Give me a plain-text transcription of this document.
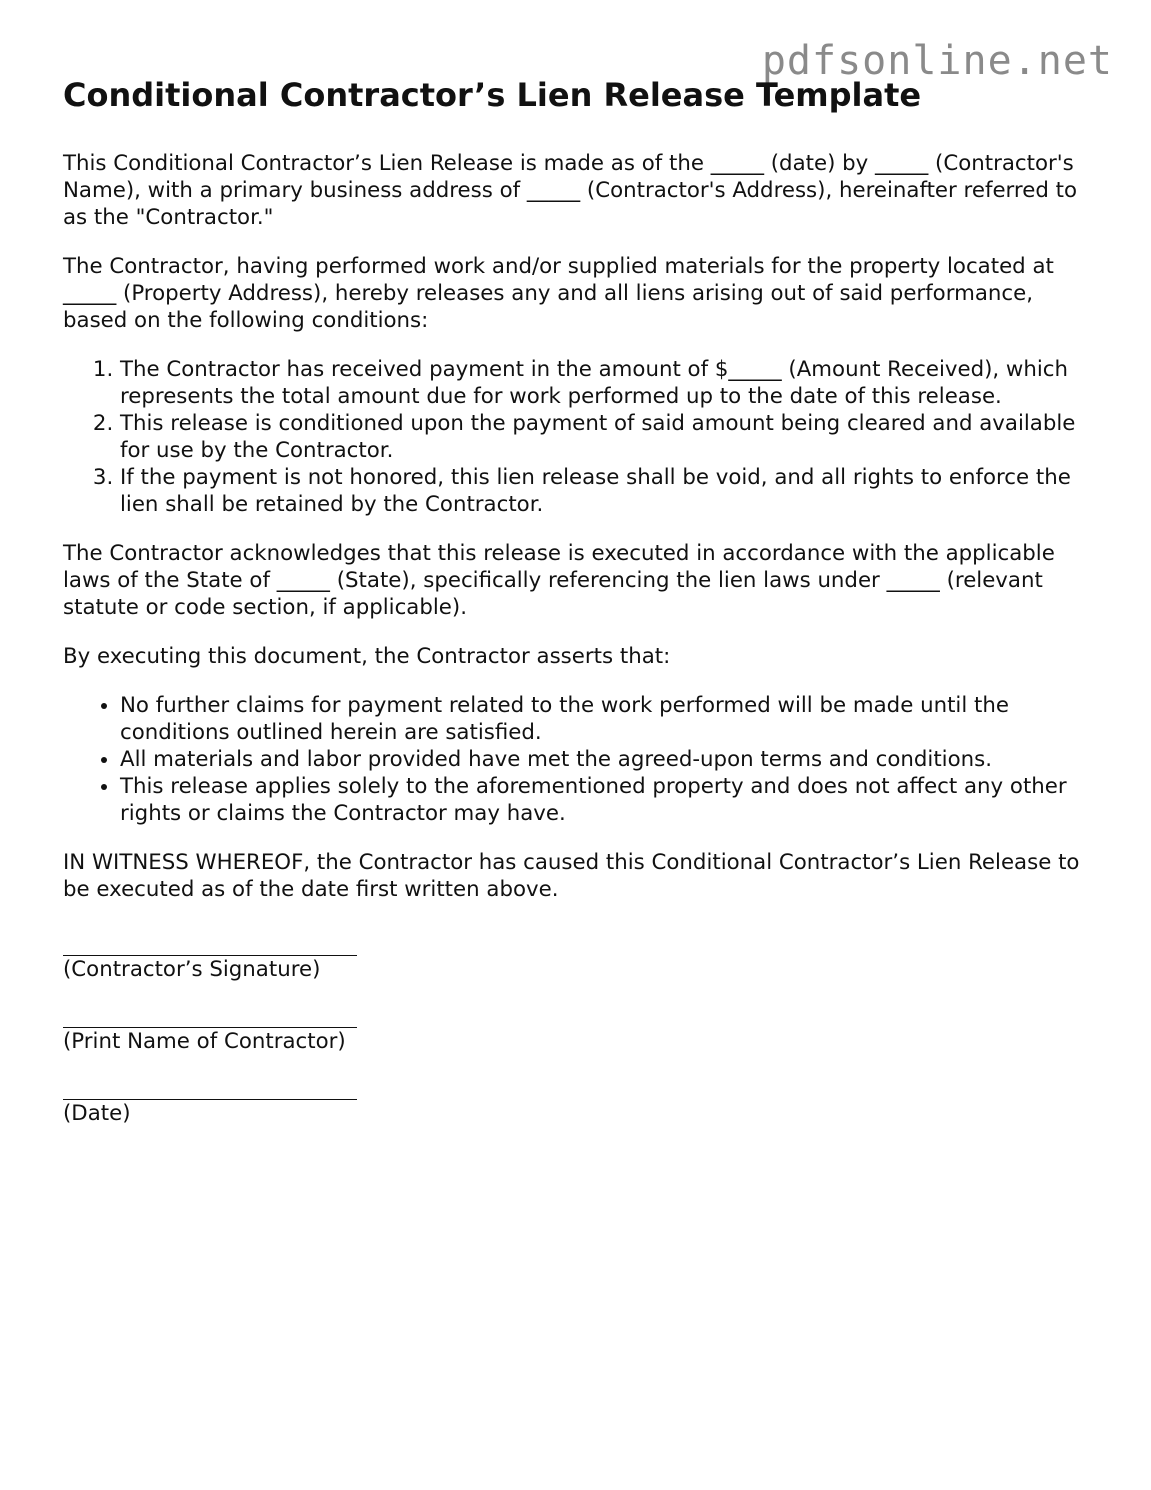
pdfsonline.net
Conditional Contractor’s Lien Release Template

This Conditional Contractor’s Lien Release is made as of the _____ (date) by _____ (Contractor's Name), with a primary business address of _____ (Contractor's Address), hereinafter referred to as the "Contractor."

The Contractor, having performed work and/or supplied materials for the property located at _____ (Property Address), hereby releases any and all liens arising out of said performance, based on the following conditions:

1. The Contractor has received payment in the amount of $_____ (Amount Received), which represents the total amount due for work performed up to the date of this release.
2. This release is conditioned upon the payment of said amount being cleared and available for use by the Contractor.
3. If the payment is not honored, this lien release shall be void, and all rights to enforce the lien shall be retained by the Contractor.

The Contractor acknowledges that this release is executed in accordance with the applicable laws of the State of _____ (State), specifically referencing the lien laws under _____ (relevant statute or code section, if applicable).

By executing this document, the Contractor asserts that:

• No further claims for payment related to the work performed will be made until the conditions outlined herein are satisfied.
• All materials and labor provided have met the agreed-upon terms and conditions.
• This release applies solely to the aforementioned property and does not affect any other rights or claims the Contractor may have.

IN WITNESS WHEREOF, the Contractor has caused this Conditional Contractor’s Lien Release to be executed as of the date first written above.

(Contractor’s Signature)
(Print Name of Contractor)
(Date)
